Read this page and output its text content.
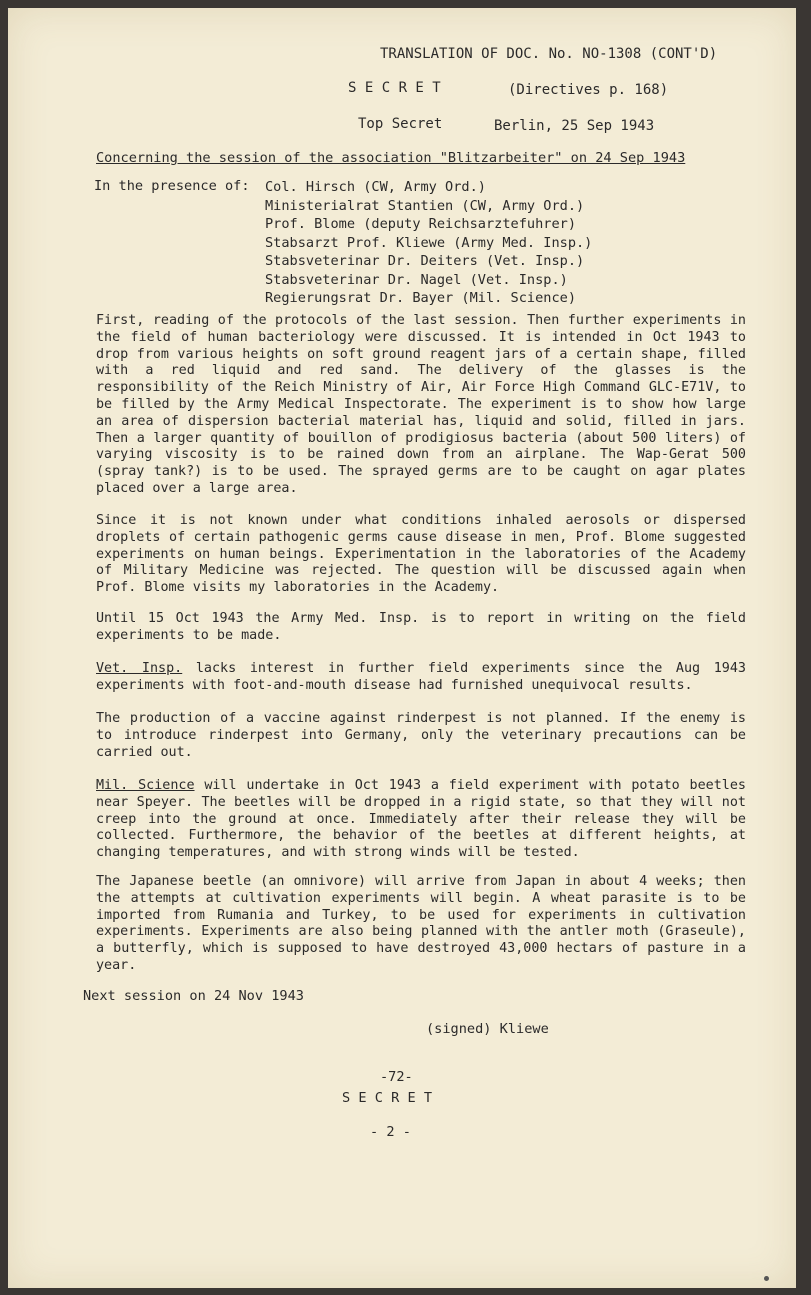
TRANSLATION OF DOC. No. NO-1308 (CONT'D)
S E C R E T	(Directives p. 168)
Top Secret	Berlin, 25 Sep 1943
Concerning the session of the association "Blitzarbeiter" on 24 Sep 1943
In the presence of: Col. Hirsch (CW, Army Ord.)
Ministerialrat Stantien (CW, Army Ord.)
Prof. Blome (deputy Reichsarztefuhrer)
Stabsarzt Prof. Kliewe (Army Med. Insp.)
Stabsveterinar Dr. Deiters (Vet. Insp.)
Stabsveterinar Dr. Nagel (Vet. Insp.)
Regierungsrat Dr. Bayer (Mil. Science)
First, reading of the protocols of the last session. Then further experiments in the field of human bacteriology were discussed. It is intended in Oct 1943 to drop from various heights on soft ground reagent jars of a certain shape, filled with a red liquid and red sand. The delivery of the glasses is the responsibility of the Reich Ministry of Air, Air Force High Command GLC-E71V, to be filled by the Army Medical Inspectorate. The experiment is to show how large an area of dispersion bacterial material has, liquid and solid, filled in jars. Then a larger quantity of bouillon of prodigiosus bacteria (about 500 liters) of varying viscosity is to be rained down from an airplane. The Wap-Gerat 500 (spray tank?) is to be used. The sprayed germs are to be caught on agar plates placed over a large area.
Since it is not known under what conditions inhaled aerosols or dispersed droplets of certain pathogenic germs cause disease in men, Prof. Blome suggested experiments on human beings. Experimentation in the laboratories of the Academy of Military Medicine was rejected. The question will be discussed again when Prof. Blome visits my laboratories in the Academy.
Until 15 Oct 1943 the Army Med. Insp. is to report in writing on the field experiments to be made.
Vet. Insp. lacks interest in further field experiments since the Aug 1943 experiments with foot-and-mouth disease had furnished unequivocal results.
The production of a vaccine against rinderpest is not planned. If the enemy is to introduce rinderpest into Germany, only the veterinary precautions can be carried out.
Mil. Science will undertake in Oct 1943 a field experiment with potato beetles near Speyer. The beetles will be dropped in a rigid state, so that they will not creep into the ground at once. Immediately after their release they will be collected. Furthermore, the behavior of the beetles at different heights, at changing temperatures, and with strong winds will be tested.
The Japanese beetle (an omnivore) will arrive from Japan in about 4 weeks; then the attempts at cultivation experiments will begin. A wheat parasite is to be imported from Rumania and Turkey, to be used for experiments in cultivation experiments. Experiments are also being planned with the antler moth (Graseule), a butterfly, which is supposed to have destroyed 43,000 hectars of pasture in a year.
Next session on 24 Nov 1943
(signed) Kliewe
-72-
S E C R E T
- 2 -
